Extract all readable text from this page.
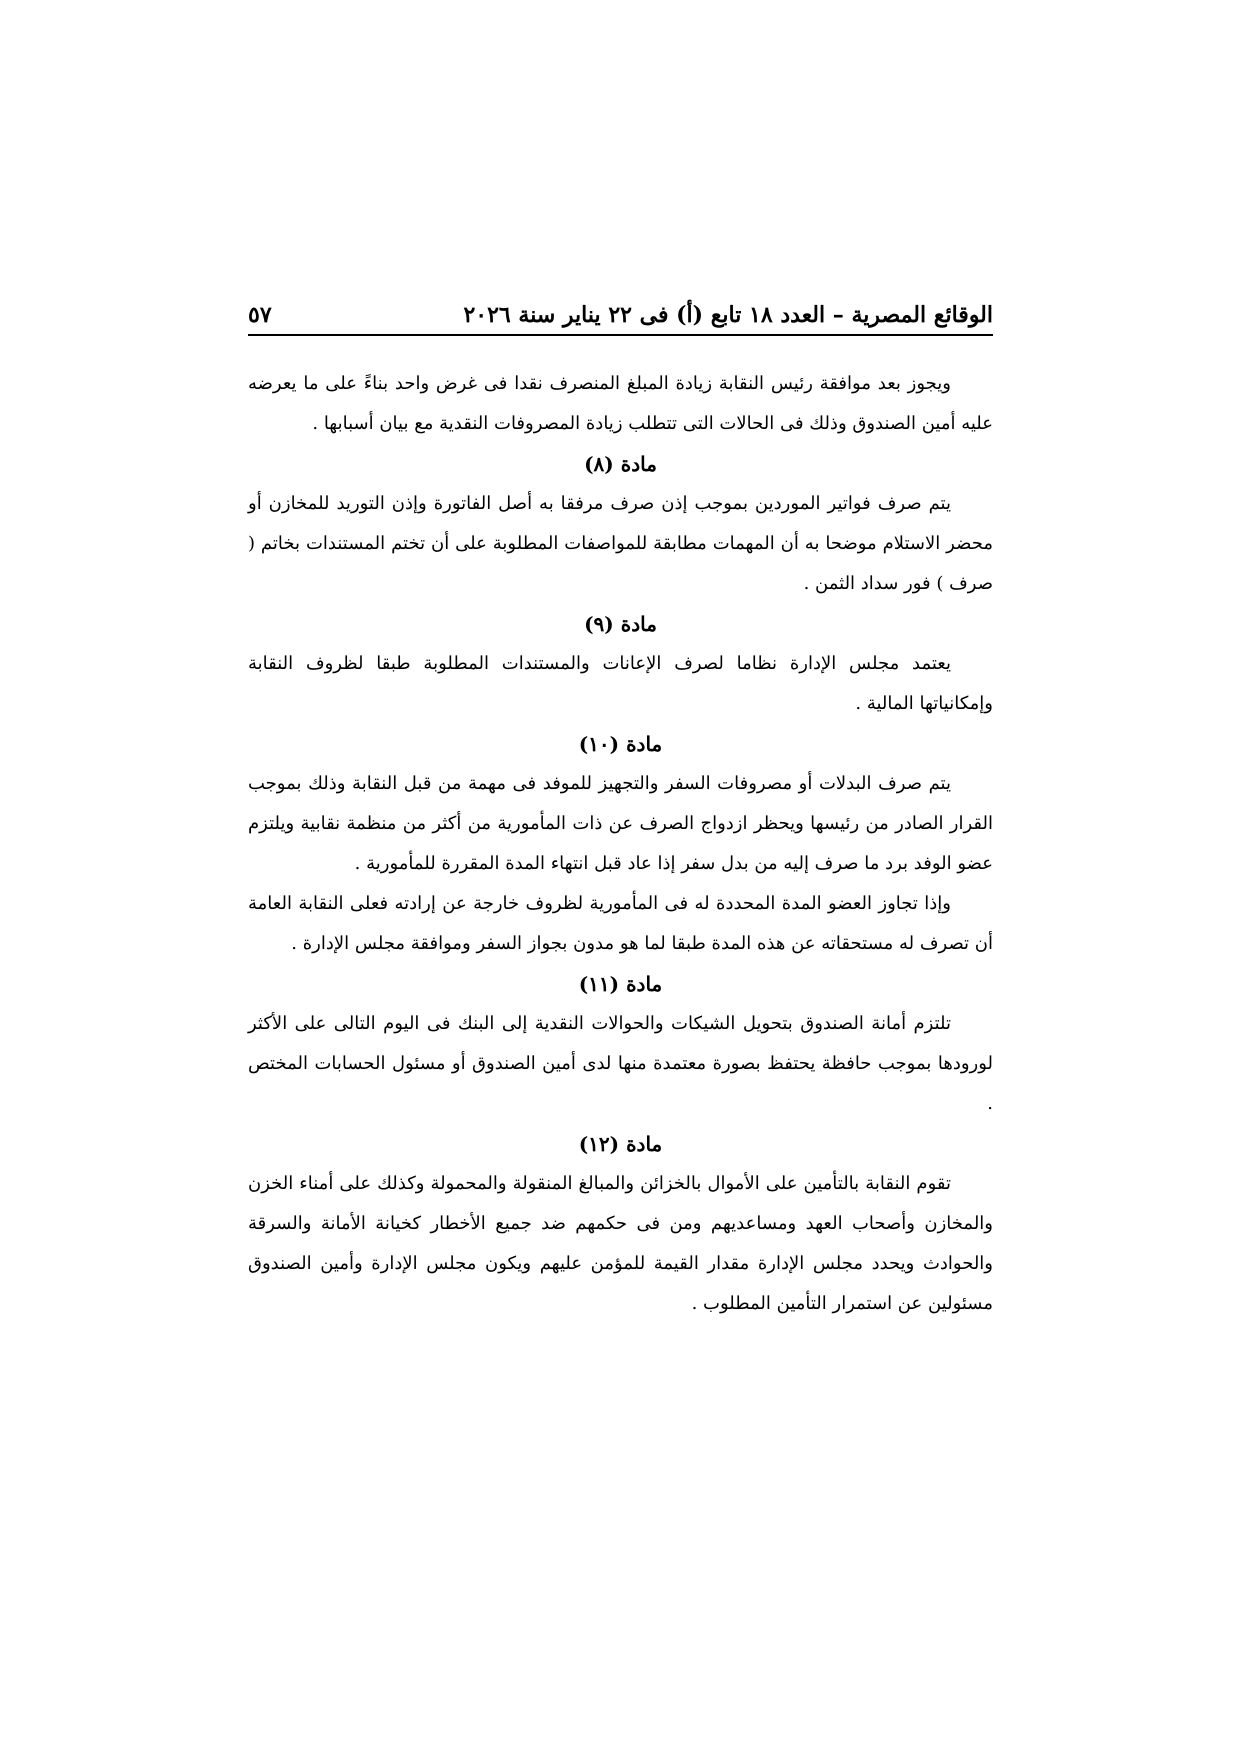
الوقائع المصرية – العدد ١٨ تابع (أ) فى ٢٢ يناير سنة ٢٠٢٦
٥٧

ويجوز بعد موافقة رئيس النقابة زيادة المبلغ المنصرف نقدا فى غرض واحد بناءً على ما يعرضه عليه أمين الصندوق وذلك فى الحالات التى تتطلب زيادة المصروفات النقدية مع بيان أسبابها .

مادة (٨)

يتم صرف فواتير الموردين بموجب إذن صرف مرفقا به أصل الفاتورة وإذن التوريد للمخازن أو محضر الاستلام موضحا به أن المهمات مطابقة للمواصفات المطلوبة على أن تختم المستندات بخاتم ( صرف ) فور سداد الثمن .

مادة (٩)

يعتمد مجلس الإدارة نظاما لصرف الإعانات والمستندات المطلوبة طبقا لظروف النقابة وإمكانياتها المالية .

مادة (١٠)

يتم صرف البدلات أو مصروفات السفر والتجهيز للموفد فى مهمة من قبل النقابة وذلك بموجب القرار الصادر من رئيسها ويحظر ازدواج الصرف عن ذات المأمورية من أكثر من منظمة نقابية ويلتزم عضو الوفد برد ما صرف إليه من بدل سفر إذا عاد قبل انتهاء المدة المقررة للمأمورية .

وإذا تجاوز العضو المدة المحددة له فى المأمورية لظروف خارجة عن إرادته فعلى النقابة العامة أن تصرف له مستحقاته عن هذه المدة طبقا لما هو مدون بجواز السفر وموافقة مجلس الإدارة .

مادة (١١)

تلتزم أمانة الصندوق بتحويل الشيكات والحوالات النقدية إلى البنك فى اليوم التالى على الأكثر لورودها بموجب حافظة يحتفظ بصورة معتمدة منها لدى أمين الصندوق أو مسئول الحسابات المختص .

مادة (١٢)

تقوم النقابة بالتأمين على الأموال بالخزائن والمبالغ المنقولة والمحمولة وكذلك على أمناء الخزن والمخازن وأصحاب العهد ومساعديهم ومن فى حكمهم ضد جميع الأخطار كخيانة الأمانة والسرقة والحوادث ويحدد مجلس الإدارة مقدار القيمة للمؤمن عليهم ويكون مجلس الإدارة وأمين الصندوق مسئولين عن استمرار التأمين المطلوب .
